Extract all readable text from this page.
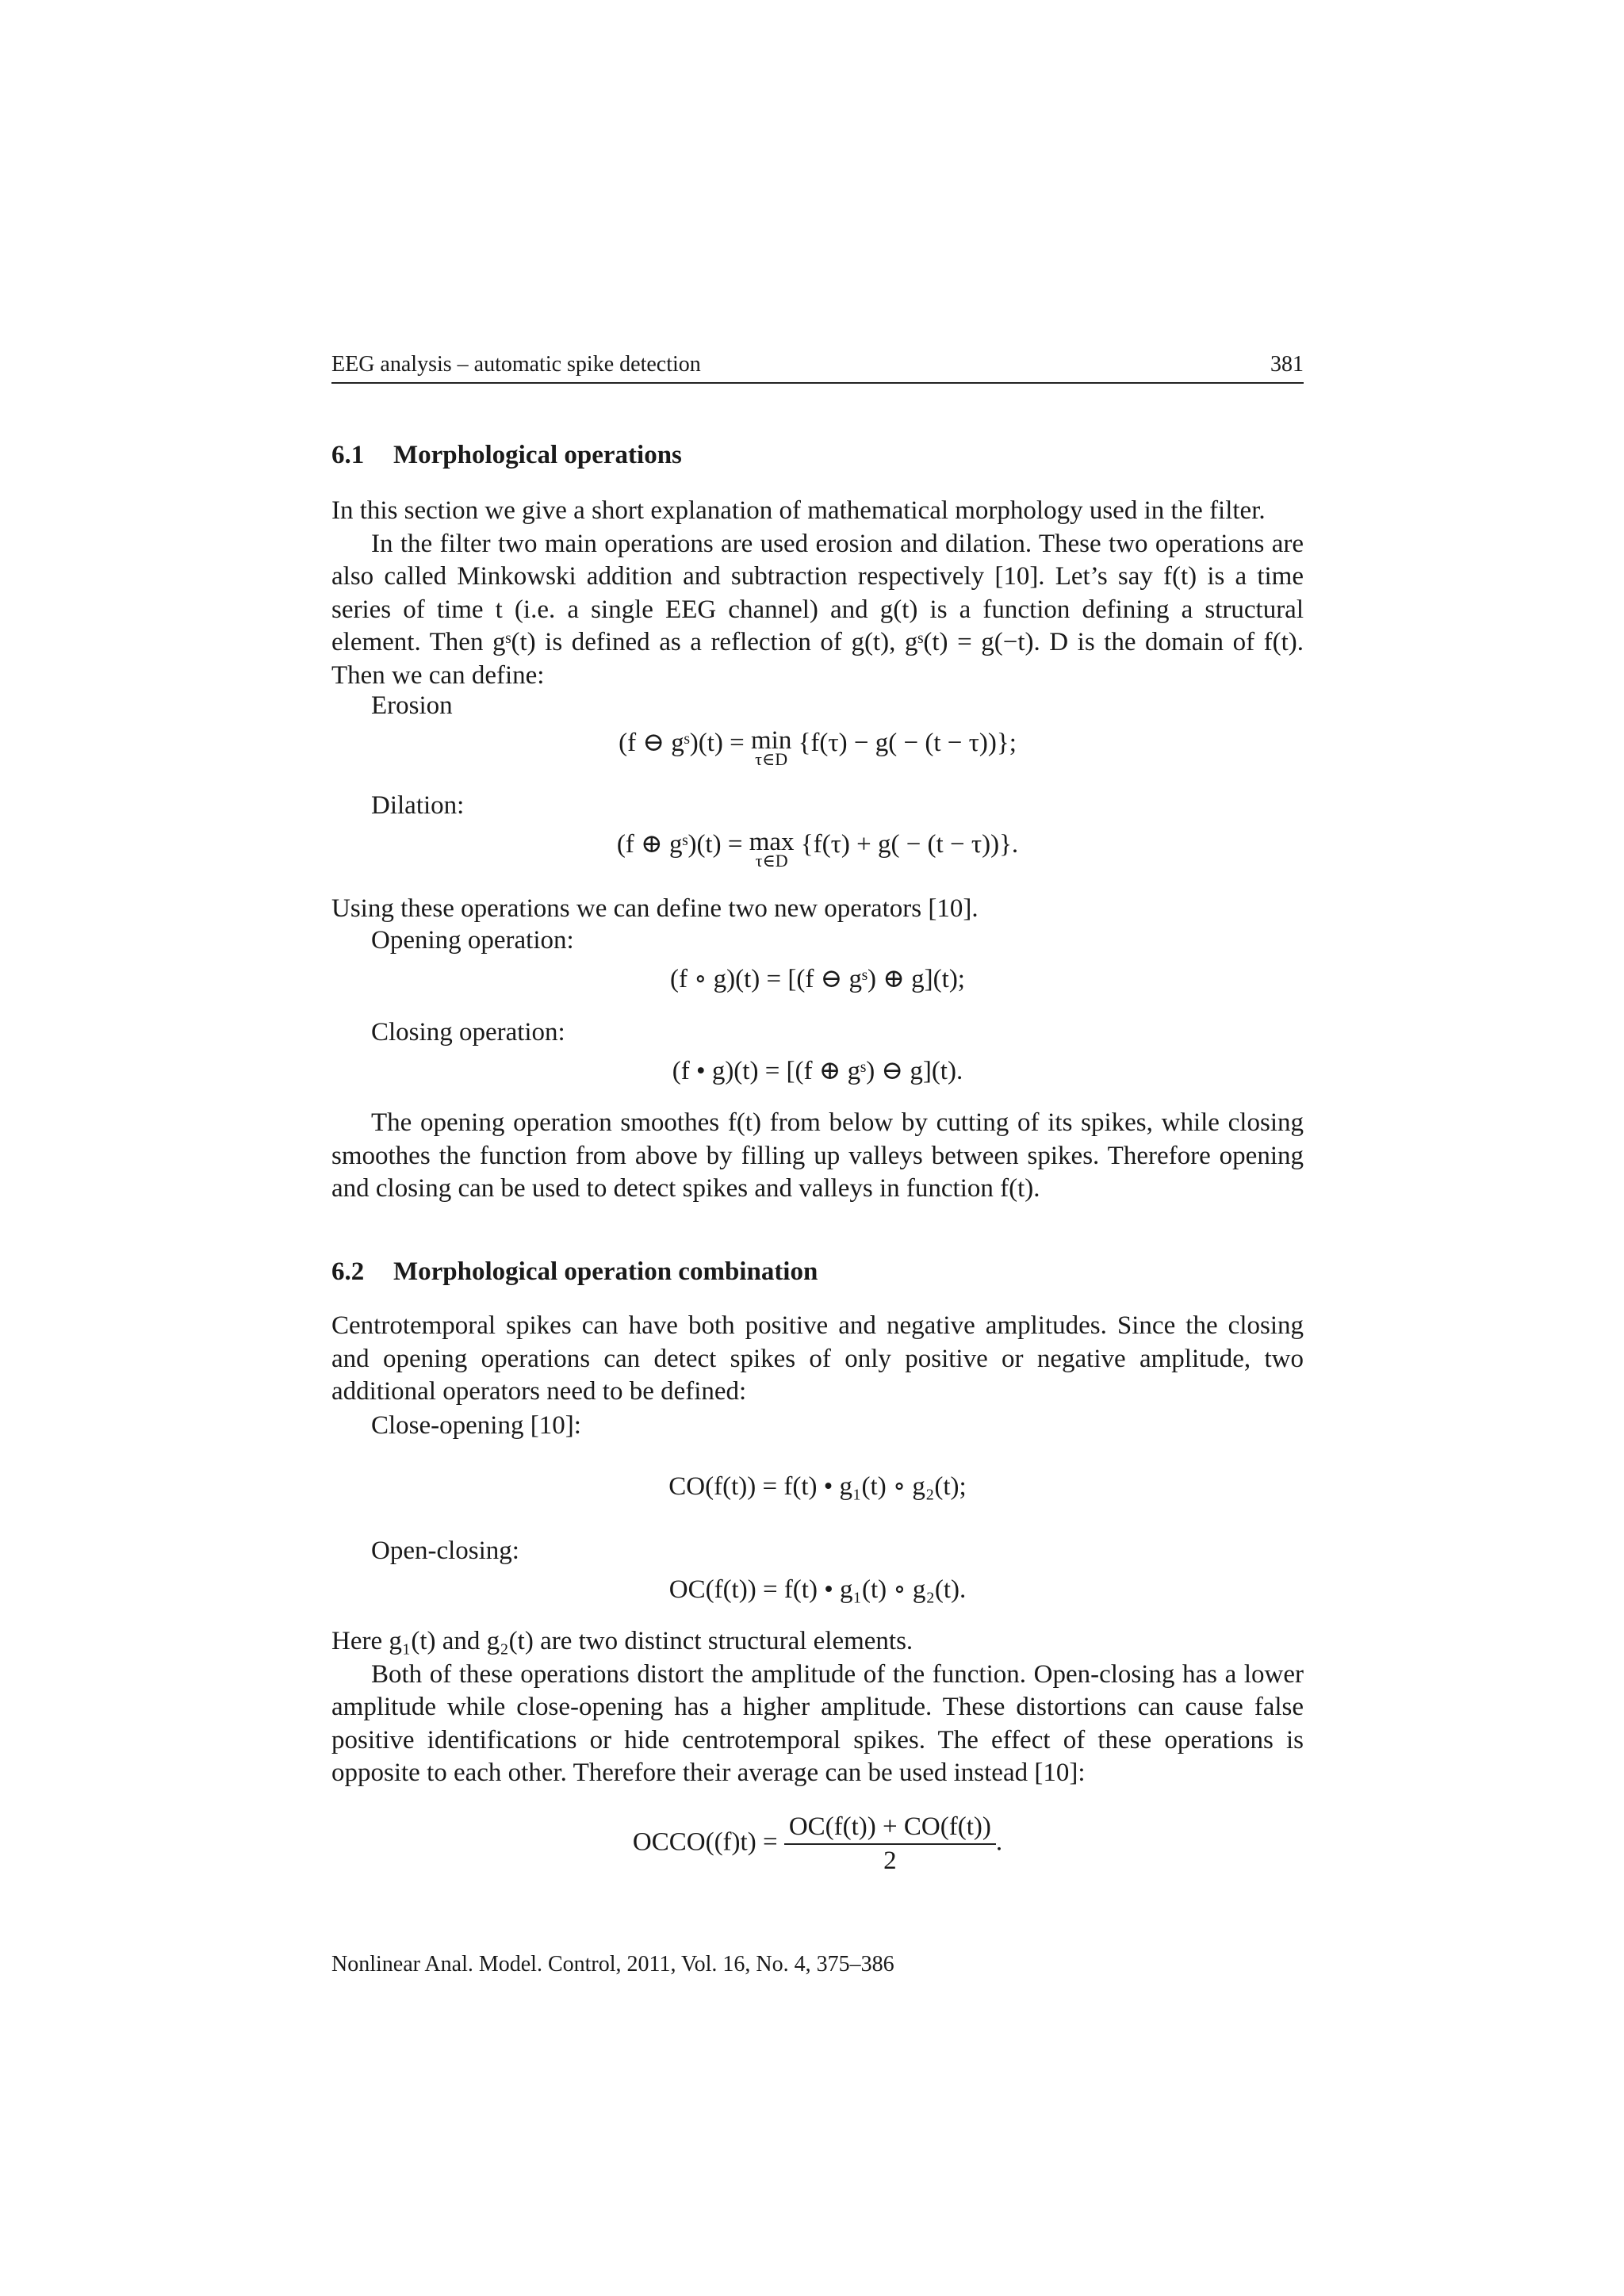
EEG analysis – automatic spike detection	381
6.1 Morphological operations

In this section we give a short explanation of mathematical morphology used in the filter.

In the filter two main operations are used erosion and dilation. These two operations are also called Minkowski addition and subtraction respectively [10]. Let’s say f(t) is a time series of time t (i.e. a single EEG channel) and g(t) is a function defining a structural element. Then gˢ(t) is defined as a reflection of g(t), gˢ(t) = g(−t). D is the domain of f(t). Then we can define:

Erosion
(f ⊖ gˢ)(t) = min
τ∈D
{f(τ) − g( − (t − τ))};
Dilation:
(f ⊕ gˢ)(t) = max
τ∈D
{f(τ) + g( − (t − τ))}.
Using these operations we can define two new operators [10].
Opening operation:
(f ∘ g)(t) = [(f ⊖ gˢ) ⊕ g](t);
Closing operation:
(f • g)(t) = [(f ⊕ gˢ) ⊖ g](t).
The opening operation smoothes f(t) from below by cutting of its spikes, while closing smoothes the function from above by filling up valleys between spikes. Therefore opening and closing can be used to detect spikes and valleys in function f(t).
6.2 Morphological operation combination
Centrotemporal spikes can have both positive and negative amplitudes. Since the closing and opening operations can detect spikes of only positive or negative amplitude, two additional operators need to be defined:
Close-opening [10]:
CO(f(t)) = f(t) • g₁(t) ∘ g₂(t);
Open-closing:
OC(f(t)) = f(t) • g₁(t) ∘ g₂(t).

Here g₁(t) and g₂(t) are two distinct structural elements.

Both of these operations distort the amplitude of the function. Open-closing has a lower amplitude while close-opening has a higher amplitude. These distortions can cause false positive identifications or hide centrotemporal spikes. The effect of these operations is opposite to each other. Therefore their average can be used instead [10]:

OCCO((f)t) = $\frac{OC(f(t)) + CO(f(t))}{2}$ .
Nonlinear Anal. Model. Control, 2011, Vol. 16, No. 4, 375–386
